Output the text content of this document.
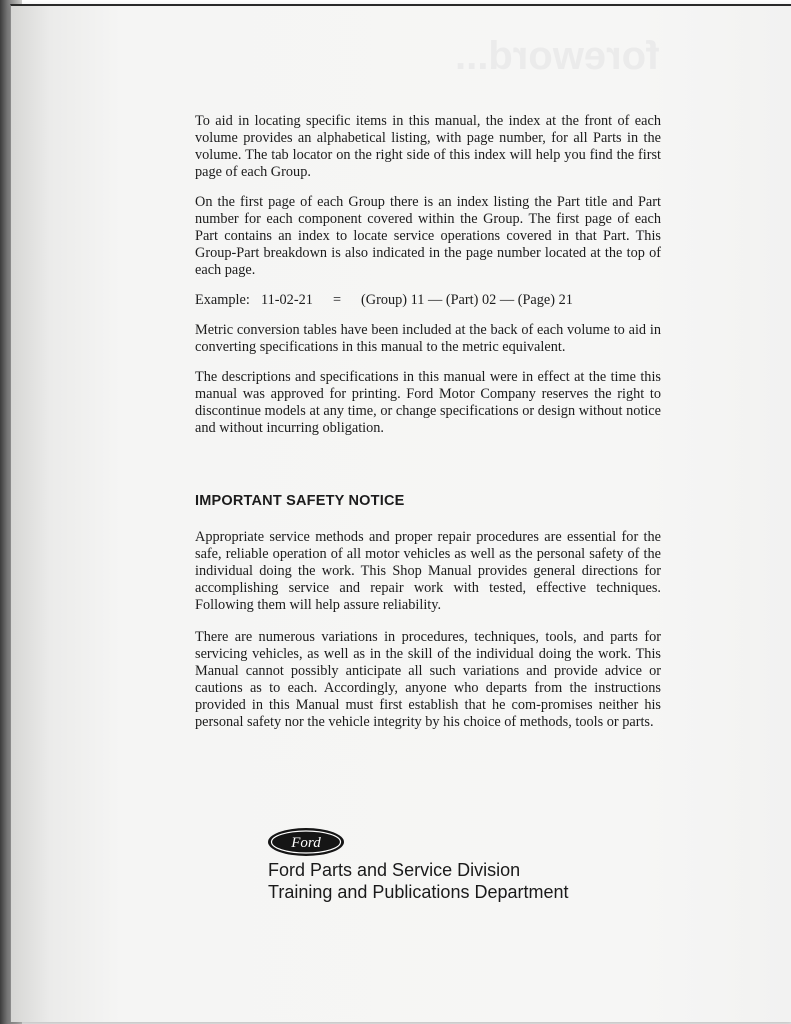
foreword...

To aid in locating specific items in this manual, the index at the front of each volume provides an alphabetical listing, with page number, for all Parts in the volume. The tab locator on the right side of this index will help you find the first page of each Group.

On the first page of each Group there is an index listing the Part title and Part number for each component covered within the Group. The first page of each Part contains an index to locate service operations covered in that Part. This Group-Part breakdown is also indicated in the page number located at the top of each page.

Example: 11-02-21 = (Group) 11 — (Part) 02 — (Page) 21

Metric conversion tables have been included at the back of each volume to aid in converting specifications in this manual to the metric equivalent.

The descriptions and specifications in this manual were in effect at the time this manual was approved for printing. Ford Motor Company reserves the right to discontinue models at any time, or change specifications or design without notice and without incurring obligation.

IMPORTANT SAFETY NOTICE

Appropriate service methods and proper repair procedures are essential for the safe, reliable operation of all motor vehicles as well as the personal safety of the individual doing the work. This Shop Manual provides general directions for accomplishing service and repair work with tested, effective techniques. Following them will help assure reliability.

There are numerous variations in procedures, techniques, tools, and parts for servicing vehicles, as well as in the skill of the individual doing the work. This Manual cannot possibly anticipate all such variations and provide advice or cautions as to each. Accordingly, anyone who departs from the instructions provided in this Manual must first establish that he com-promises neither his personal safety nor the vehicle integrity by his choice of methods, tools or parts.

Ford
Ford Parts and Service Division
Training and Publications Department
